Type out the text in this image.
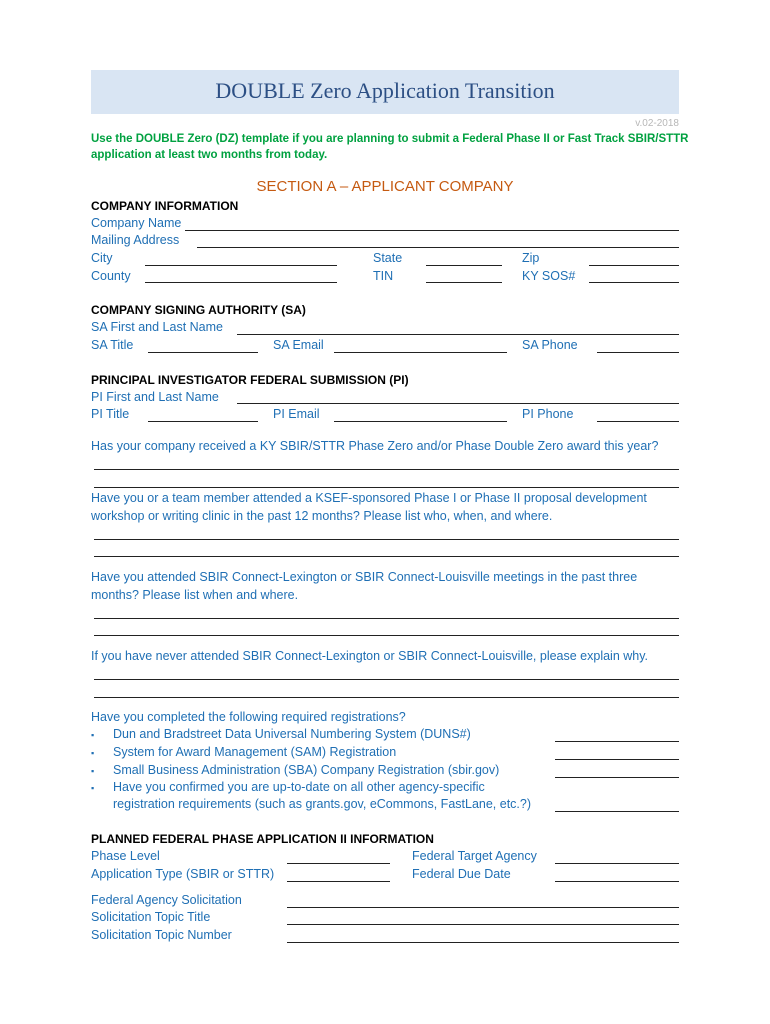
DOUBLE Zero Application Transition
v.02-2018
Use the DOUBLE Zero (DZ) template if you are planning to submit a Federal Phase II or Fast Track SBIR/STTR application at least two months from today.
SECTION A – APPLICANT COMPANY
COMPANY INFORMATION
Company Name
Mailing Address
City	State	Zip
County	TIN	KY SOS#
COMPANY SIGNING AUTHORITY (SA)
SA First and Last Name
SA Title	SA Email	SA Phone
PRINCIPAL INVESTIGATOR FEDERAL SUBMISSION (PI)
PI First and Last Name
PI Title	PI Email	PI Phone
Has your company received a KY SBIR/STTR Phase Zero and/or Phase Double Zero award this year?
Have you or a team member attended a KSEF-sponsored Phase I or Phase II proposal development
workshop or writing clinic in the past 12 months? Please list who, when, and where.
Have you attended SBIR Connect-Lexington or SBIR Connect-Louisville meetings in the past three
months? Please list when and where.
If you have never attended SBIR Connect-Lexington or SBIR Connect-Louisville, please explain why.
Have you completed the following required registrations?
▪ Dun and Bradstreet Data Universal Numbering System (DUNS#)
▪ System for Award Management (SAM) Registration
▪ Small Business Administration (SBA) Company Registration (sbir.gov)
▪ Have you confirmed you are up-to-date on all other agency-specific
registration requirements (such as grants.gov, eCommons, FastLane, etc.?)
PLANNED FEDERAL PHASE APPLICATION II INFORMATION
Phase Level	Federal Target Agency
Application Type (SBIR or STTR)	Federal Due Date
Federal Agency Solicitation
Solicitation Topic Title
Solicitation Topic Number
